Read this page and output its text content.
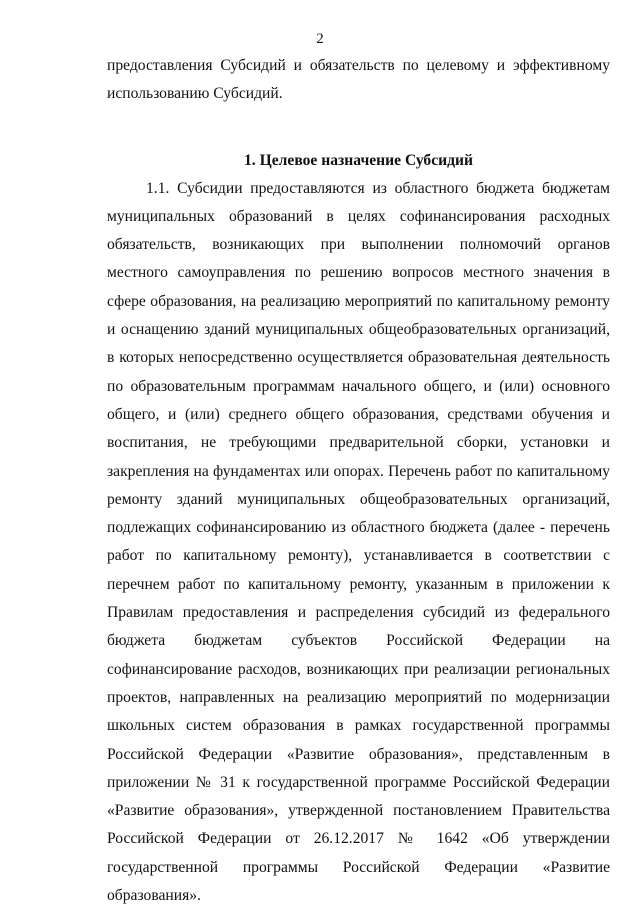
2

предоставления Субсидий и обязательств по целевому и эффективному использованию Субсидий.

1. Целевое назначение Субсидий

1.1. Субсидии предоставляются из областного бюджета бюджетам муниципальных образований в целях софинансирования расходных обязательств, возникающих при выполнении полномочий органов местного самоуправления по решению вопросов местного значения в сфере образования, на реализацию мероприятий по капитальному ремонту и оснащению зданий муниципальных общеобразовательных организаций, в которых непосредственно осуществляется образовательная деятельность по образовательным программам начального общего, и (или) основного общего, и (или) среднего общего образования, средствами обучения и воспитания, не требующими предварительной сборки, установки и закрепления на фундаментах или опорах. Перечень работ по капитальному ремонту зданий муниципальных общеобразовательных организаций, подлежащих софинансированию из областного бюджета (далее - перечень работ по капитальному ремонту), устанавливается в соответствии с перечнем работ по капитальному ремонту, указанным в приложении к Правилам предоставления и распределения субсидий из федерального бюджета бюджетам субъектов Российской Федерации на софинансирование расходов, возникающих при реализации региональных проектов, направленных на реализацию мероприятий по модернизации школьных систем образования в рамках государственной программы Российской Федерации «Развитие образования», представленным в приложении № 31 к государственной программе Российской Федерации «Развитие образования», утвержденной постановлением Правительства Российской Федерации от 26.12.2017 № 1642 «Об утверждении государственной программы Российской Федерации «Развитие образования».
